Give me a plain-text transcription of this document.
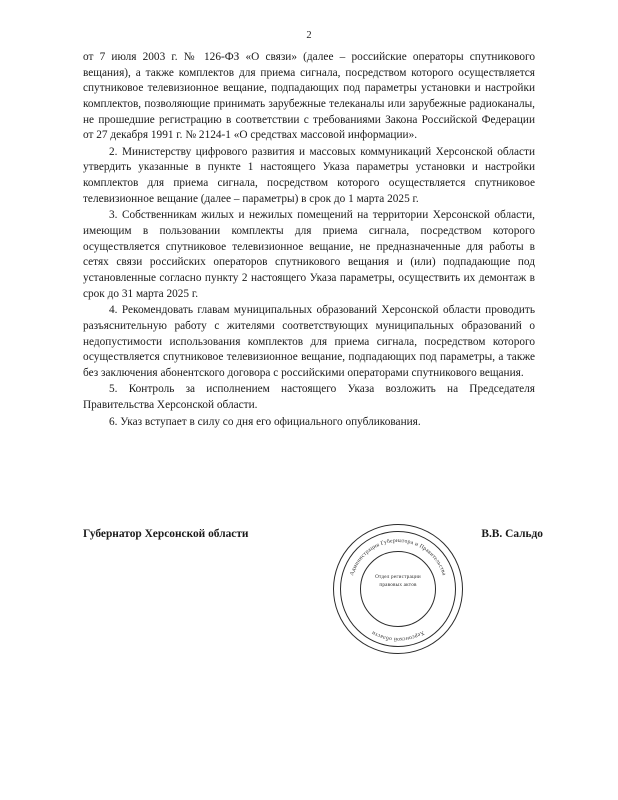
2

от 7 июля 2003 г. № 126-ФЗ «О связи» (далее – российские операторы спутникового вещания), а также комплектов для приема сигнала, посредством которого осуществляется спутниковое телевизионное вещание, подпадающих под параметры установки и настройки комплектов, позволяющие принимать зарубежные телеканалы или зарубежные радиоканалы, не прошедшие регистрацию в соответствии с требованиями Закона Российской Федерации от 27 декабря 1991 г. № 2124-1 «О средствах массовой информации».

2. Министерству цифрового развития и массовых коммуникаций Херсонской области утвердить указанные в пункте 1 настоящего Указа параметры установки и настройки комплектов для приема сигнала, посредством которого осуществляется спутниковое телевизионное вещание (далее – параметры) в срок до 1 марта 2025 г.

3. Собственникам жилых и нежилых помещений на территории Херсонской области, имеющим в пользовании комплекты для приема сигнала, посредством которого осуществляется спутниковое телевизионное вещание, не предназначенные для работы в сетях связи российских операторов спутникового вещания и (или) подпадающие под установленные согласно пункту 2 настоящего Указа параметры, осуществить их демонтаж в срок до 31 марта 2025 г.

4. Рекомендовать главам муниципальных образований Херсонской области проводить разъяснительную работу с жителями соответствующих муниципальных образований о недопустимости использования комплектов для приема сигнала, посредством которого осуществляется спутниковое телевизионное вещание, подпадающих под параметры, а также без заключения абонентского договора с российскими операторами спутникового вещания.

5. Контроль за исполнением настоящего Указа возложить на Председателя Правительства Херсонской области.

6. Указ вступает в силу со дня его официального опубликования.

Губернатор Херсонской области	В.В. Сальдо
Администрация Губернатора и Правительства
Херсонской области
Отдел регистрации правовых актов
